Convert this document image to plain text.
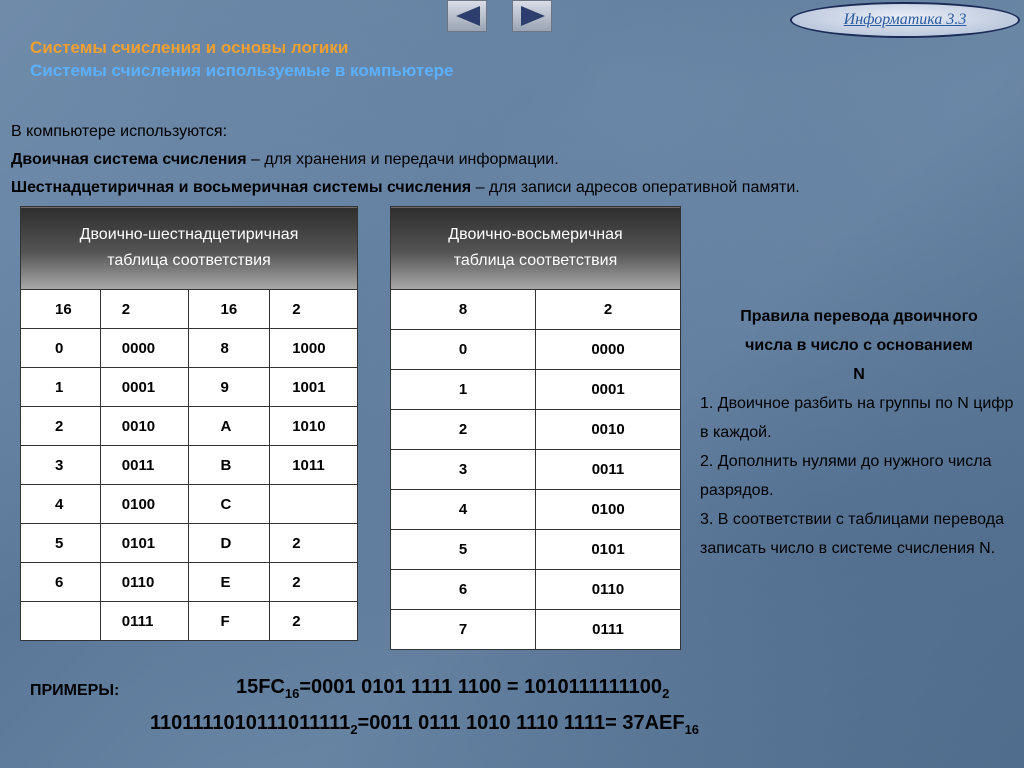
Информатика 3.3
Системы счисления и основы логики
Системы счисления используемые в компьютере
В компьютере используются:
Двоичная система счисления – для хранения и передачи информации.
Шестнадцетиричная и восьмеричная системы счисления – для записи адресов оперативной памяти.
Двоично-шестнадцетиричная
таблица соответствия			
16	2	16	2
0	0000	8	1000
1	0001	9	1001
2	0010	A	1010
3	0011	B	1011
4	0100	C	
5	0101	D	2
6	0110	E	2
	0111	F	2
Двоично-восьмеричная
таблица соответствия	
8	2
0	0000
1	0001
2	0010
3	0011
4	0100
5	0101
6	0110
7	0111
Правила перевода двоичного
числа в число с основанием
N
1. Двоичное разбить на группы по N цифр в каждой.
2. Дополнить нулями до нужного числа разрядов.
3. В соответствии с таблицами перевода записать число в системе счисления N.
ПРИМЕРЫ:	$15FC_{16}=0001$ 0101 1111 $1100 = 1010111111100_2$
$1101111010111011111_2=0011$ 0111 1010 1110 $1111= 37AEF_{16}$
